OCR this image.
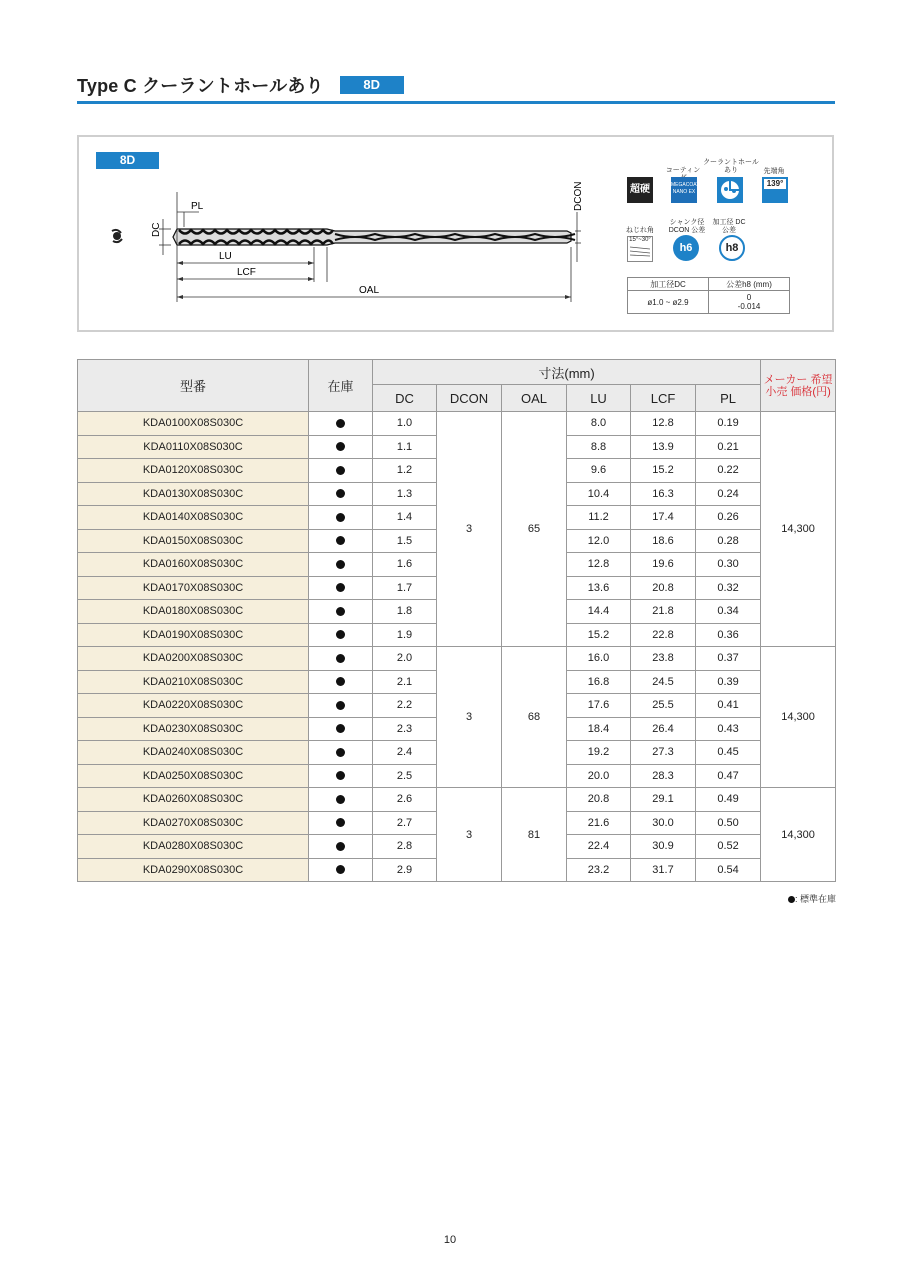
Type C クーラントホールあり	8D
8D
PL
DC
LU
LCF
OAL
DCON	超硬
コーティン
MEGACOAT NANO EX
クーラントホール あり	先端角
139°
ねじれ角
15°~30°
シャンク径 DCON 公差
h6
加工径 DC 公差
h8
加工径DC	公差h8 (mm)
ø1.0 ~ ø2.9	0
-0.014
型番	在庫	寸法(mm)						メーカー 希望小売 価格(円)
		DC	DCON	OAL	LU	LCF	PL	
KDA0100X08S030C		1.0	3	65	8.0	12.8	0.19	14,300
KDA0110X08S030C		1.1			8.8	13.9	0.21	
KDA0120X08S030C		1.2			9.6	15.2	0.22	
KDA0130X08S030C		1.3			10.4	16.3	0.24	
KDA0140X08S030C		1.4			11.2	17.4	0.26	
KDA0150X08S030C		1.5			12.0	18.6	0.28	
KDA0160X08S030C		1.6			12.8	19.6	0.30	
KDA0170X08S030C		1.7			13.6	20.8	0.32	
KDA0180X08S030C		1.8			14.4	21.8	0.34	
KDA0190X08S030C		1.9			15.2	22.8	0.36	
KDA0200X08S030C		2.0	3	68	16.0	23.8	0.37	14,300
KDA0210X08S030C		2.1			16.8	24.5	0.39	
KDA0220X08S030C		2.2			17.6	25.5	0.41	
KDA0230X08S030C		2.3			18.4	26.4	0.43	
KDA0240X08S030C		2.4			19.2	27.3	0.45	
KDA0250X08S030C		2.5			20.0	28.3	0.47	
KDA0260X08S030C		2.6	3	81	20.8	29.1	0.49	14,300
KDA0270X08S030C		2.7			21.6	30.0	0.50	
KDA0280X08S030C		2.8			22.4	30.9	0.52	
KDA0290X08S030C		2.9			23.2	31.7	0.54	
: 標準在庫
10
